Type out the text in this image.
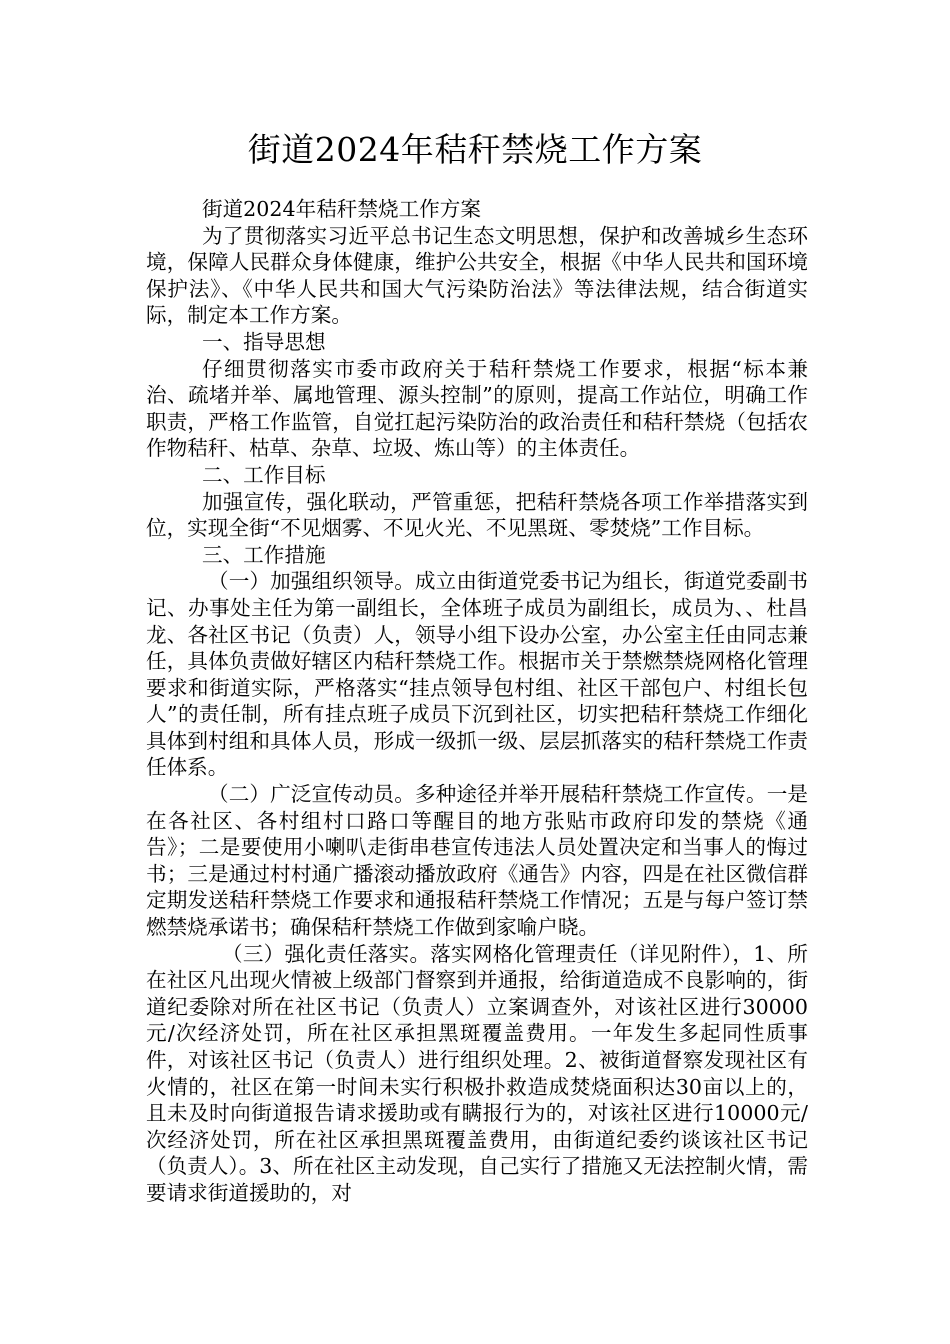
街道2024年秸秆禁烧工作方案

街道2024年秸秆禁烧工作方案

为了贯彻落实习近平总书记生态文明思想，保护和改善城乡生态环境，保障人民群众身体健康，维护公共安全，根据《中华人民共和国环境保护法》、《中华人民共和国大气污染防治法》等法律法规，结合街道实际，制定本工作方案。

一、指导思想

仔细贯彻落实市委市政府关于秸秆禁烧工作要求，根据“标本兼治、疏堵并举、属地管理、源头控制”的原则，提高工作站位，明确工作职责，严格工作监管，自觉扛起污染防治的政治责任和秸秆禁烧（包括农作物秸秆、枯草、杂草、垃圾、炼山等）的主体责任。

二、工作目标

加强宣传，强化联动，严管重惩，把秸秆禁烧各项工作举措落实到位，实现全街“不见烟雾、不见火光、不见黑斑、零焚烧”工作目标。

三、工作措施

（一）加强组织领导。成立由街道党委书记为组长，街道党委副书记、办事处主任为第一副组长，全体班子成员为副组长，成员为、、杜昌龙、各社区书记（负责）人，领导小组下设办公室，办公室主任由同志兼任，具体负责做好辖区内秸秆禁烧工作。根据市关于禁燃禁烧网格化管理要求和街道实际，严格落实“挂点领导包村组、社区干部包户、村组长包人”的责任制，所有挂点班子成员下沉到社区，切实把秸秆禁烧工作细化具体到村组和具体人员，形成一级抓一级、层层抓落实的秸秆禁烧工作责任体系。

（二）广泛宣传动员。多种途径并举开展秸秆禁烧工作宣传。一是在各社区、各村组村口路口等醒目的地方张贴市政府印发的禁烧《通告》；二是要使用小喇叭走街串巷宣传违法人员处置决定和当事人的悔过书；三是通过村村通广播滚动播放政府《通告》内容，四是在社区微信群定期发送秸秆禁烧工作要求和通报秸秆禁烧工作情况；五是与每户签订禁燃禁烧承诺书；确保秸秆禁烧工作做到家喻户晓。

（三）强化责任落实。落实网格化管理责任（详见附件），1、所在社区凡出现火情被上级部门督察到并通报，给街道造成不良影响的，街道纪委除对所在社区书记（负责人）立案调查外，对该社区进行30000元/次经济处罚，所在社区承担黑斑覆盖费用。一年发生多起同性质事件，对该社区书记（负责人）进行组织处理。2、被街道督察发现社区有火情的，社区在第一时间未实行积极扑救造成焚烧面积达30亩以上的，且未及时向街道报告请求援助或有瞒报行为的，对该社区进行10000元/次经济处罚，所在社区承担黑斑覆盖费用，由街道纪委约谈该社区书记（负责人）。3、所在社区主动发现，自己实行了措施又无法控制火情，需要请求街道援助的，对
